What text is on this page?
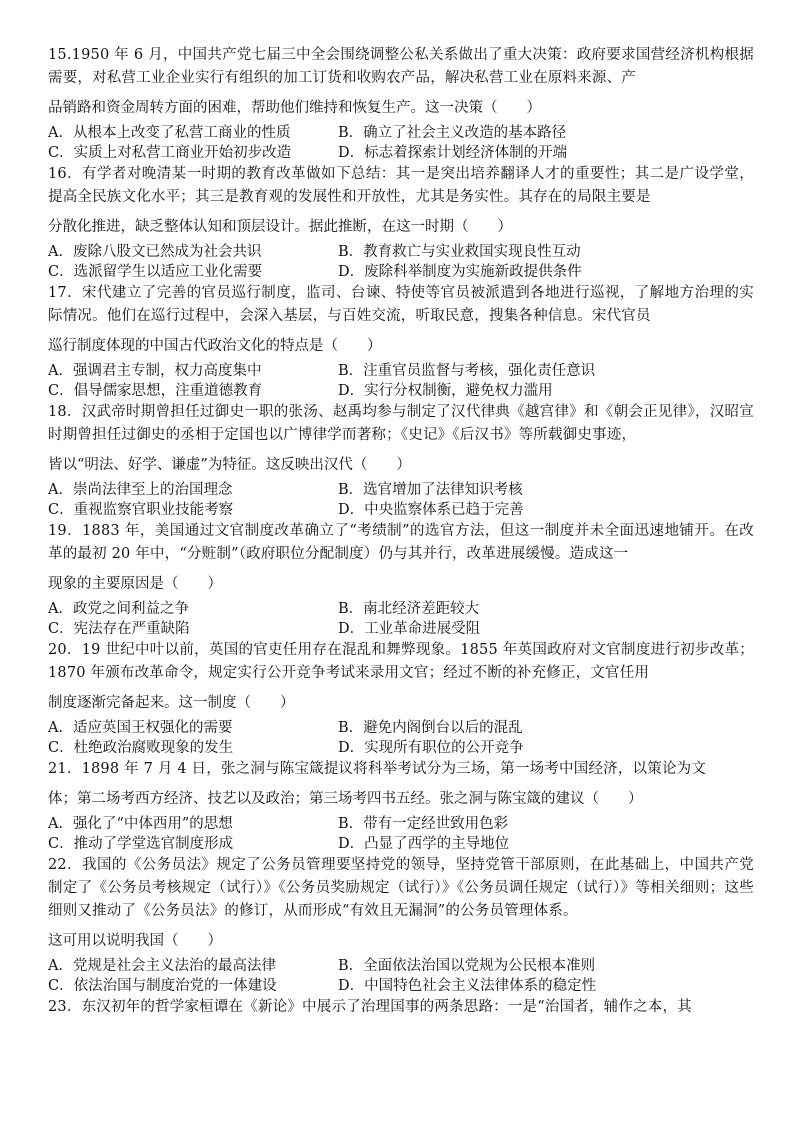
15.1950 年 6 月，中国共产党七届三中全会围绕调整公私关系做出了重大决策：政府要求国营经济机构根据需要，对私营工业企业实行有组织的加工订货和收购农产品，解决私营工业在原料来源、产

品销路和资金周转方面的困难，帮助他们维持和恢复生产。这一决策（　　）

A．从根本上改变了私营工商业的性质	B．确立了社会主义改造的基本路径
C．实质上对私营工商业开始初步改造	D．标志着探索计划经济体制的开端

16．有学者对晚清某一时期的教育改革做如下总结：其一是突出培养翻译人才的重要性；其二是广设学堂，提高全民族文化水平；其三是教育观的发展性和开放性，尤其是务实性。其存在的局限主要是

分散化推进，缺乏整体认知和顶层设计。据此推断，在这一时期（　　）

A．废除八股文已然成为社会共识	B．教育救亡与实业救国实现良性互动
C．选派留学生以适应工业化需要	D．废除科举制度为实施新政提供条件

17．宋代建立了完善的官员巡行制度，监司、台谏、特使等官员被派遣到各地进行巡视，了解地方治理的实际情况。他们在巡行过程中，会深入基层，与百姓交流，听取民意，搜集各种信息。宋代官员

巡行制度体现的中国古代政治文化的特点是（　　）

A．强调君主专制，权力高度集中	B．注重官员监督与考核，强化责任意识
C．倡导儒家思想，注重道德教育	D．实行分权制衡，避免权力滥用

18．汉武帝时期曾担任过御史一职的张汤、赵禹均参与制定了汉代律典《越宫律》和《朝会正见律》，汉昭宣时期曾担任过御史的丞相于定国也以广博律学而著称；《史记》《后汉书》等所载御史事迹，

皆以“明法、好学、谦虚”为特征。这反映出汉代（　　）

A．崇尚法律至上的治国理念	B．选官增加了法律知识考核
C．重视监察官职业技能考察	D．中央监察体系已趋于完善

19．1883 年，美国通过文官制度改革确立了“考绩制”的选官方法，但这一制度并未全面迅速地铺开。在改革的最初 20 年中，“分赃制”（政府职位分配制度）仍与其并行，改革进展缓慢。造成这一

现象的主要原因是（　　）

A．政党之间利益之争	B．南北经济差距较大
C．宪法存在严重缺陷	D．工业革命进展受阻

20．19 世纪中叶以前，英国的官吏任用存在混乱和舞弊现象。1855 年英国政府对文官制度进行初步改革；1870 年颁布改革命令，规定实行公开竞争考试来录用文官；经过不断的补充修正，文官任用

制度逐渐完备起来。这一制度（　　）

A．适应英国王权强化的需要	B．避免内阁倒台以后的混乱
C．杜绝政治腐败现象的发生	D．实现所有职位的公开竞争

21．1898 年 7 月 4 日，张之洞与陈宝箴提议将科举考试分为三场，第一场考中国经济，以策论为文

体；第二场考西方经济、技艺以及政治；第三场考四书五经。张之洞与陈宝箴的建议（　　）

A．强化了“中体西用”的思想	B．带有一定经世致用色彩
C．推动了学堂选官制度形成	D．凸显了西学的主导地位

22．我国的《公务员法》规定了公务员管理要坚持党的领导，坚持党管干部原则，在此基础上，中国共产党制定了《公务员考核规定（试行）》《公务员奖励规定（试行）》《公务员调任规定（试行）》等相关细则；这些细则又推动了《公务员法》的修订，从而形成“有效且无漏洞”的公务员管理体系。

这可用以说明我国（　　）

A．党规是社会主义法治的最高法律	B．全面依法治国以党规为公民根本准则
C．依法治国与制度治党的一体建设	D．中国特色社会主义法律体系的稳定性

23．东汉初年的哲学家桓谭在《新论》中展示了治理国事的两条思路：一是“治国者，辅作之本，其
